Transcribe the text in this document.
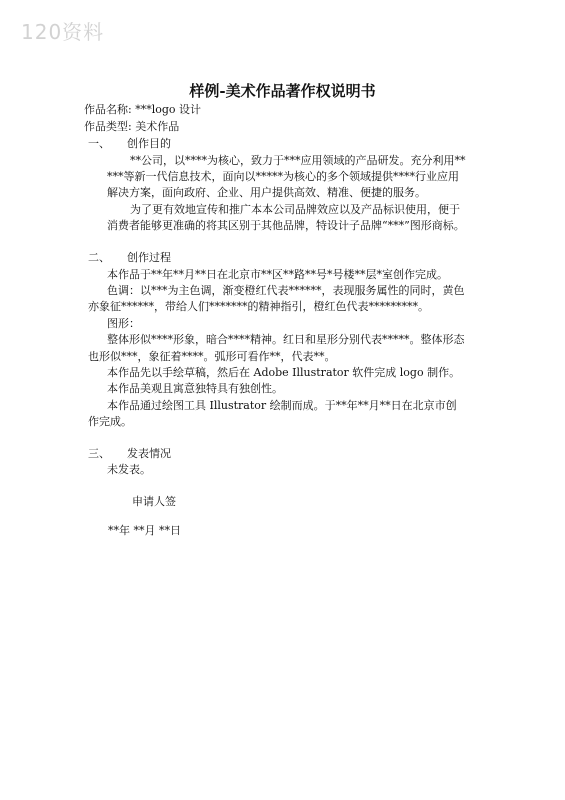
120资料
样例-美术作品著作权说明书
作品名称: ***logo 设计
作品类型: 美术作品
一、 创作目的
**公司，以****为核心，致力于***应用领域的产品研发。充分利用**
***等新一代信息技术，面向以*****为核心的多个领域提供****行业应用
解决方案，面向政府、企业、用户提供高效、精准、便捷的服务。
为了更有效地宣传和推广本本公司品牌效应以及产品标识使用，便于
消费者能够更准确的将其区别于其他品牌，特设计子品牌“***”图形商标。
二、 创作过程
本作品于**年**月**日在北京市**区**路**号*号楼**层*室创作完成。
色调：以***为主色调，渐变橙红代表******，表现服务属性的同时，黄色
亦象征******，带给人们*******的精神指引，橙红色代表*********。
图形：
整体形似****形象，暗合****精神。红日和星形分别代表*****。整体形态
也形似***，象征着****。弧形可看作**，代表**。
本作品先以手绘草稿，然后在 Adobe Illustrator 软件完成 logo 制作。
本作品美观且寓意独特具有独创性。
本作品通过绘图工具 Illustrator 绘制而成。于**年**月**日在北京市创
作完成。
三、 发表情况
未发表。
申请人签
**年 **月 **日
